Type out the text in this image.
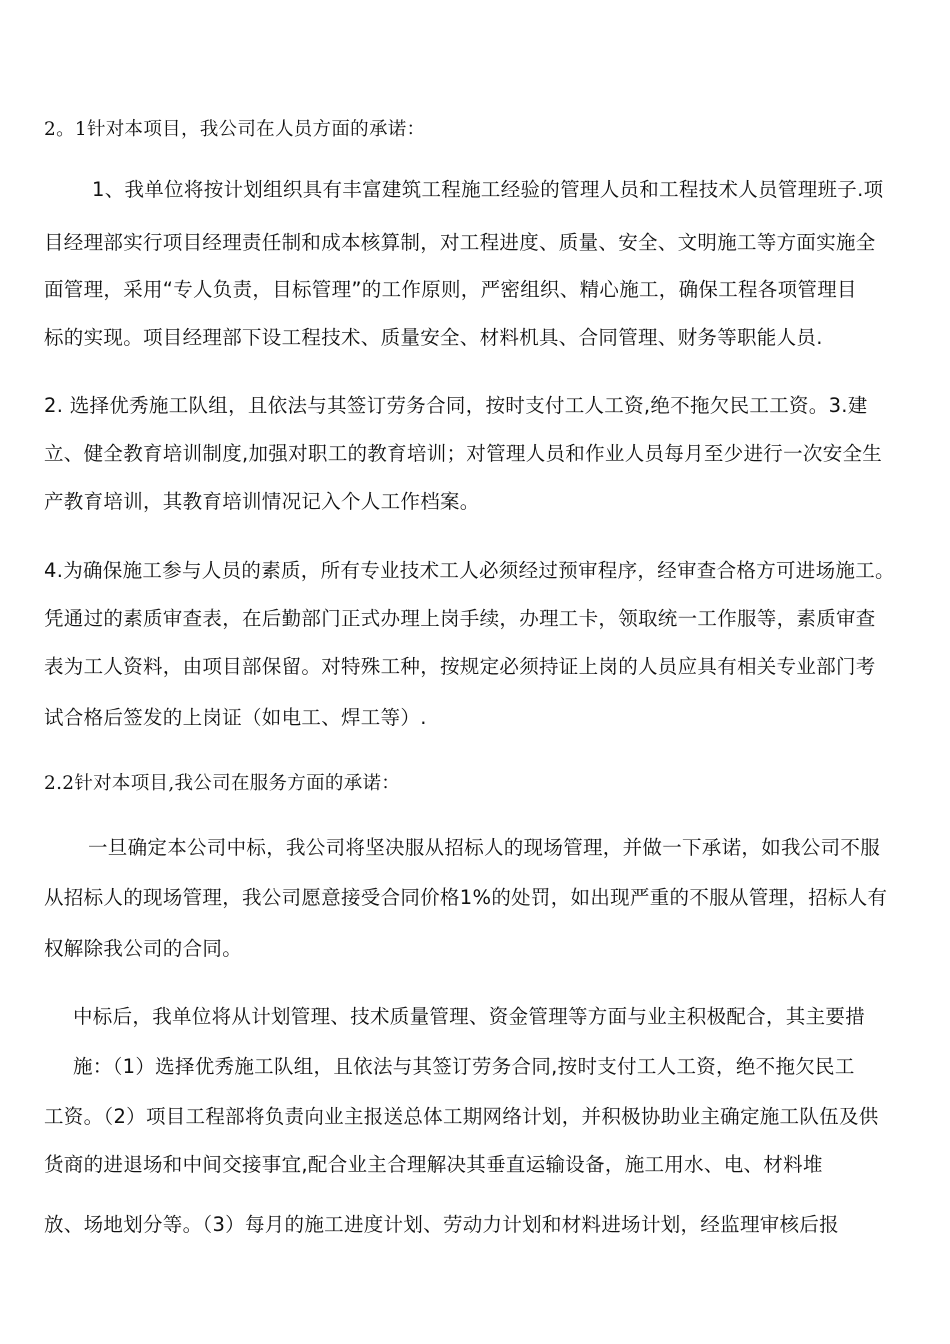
2。1针对本项目，我公司在人员方面的承诺：
1、我单位将按计划组织具有丰富建筑工程施工经验的管理人员和工程技术人员管理班子.项
目经理部实行项目经理责任制和成本核算制，对工程进度、质量、安全、文明施工等方面实施全
面管理，采用“专人负责，目标管理”的工作原则，严密组织、精心施工，确保工程各项管理目
标的实现。项目经理部下设工程技术、质量安全、材料机具、合同管理、财务等职能人员.
2. 选择优秀施工队组，且依法与其签订劳务合同，按时支付工人工资,绝不拖欠民工工资。3.建
立、健全教育培训制度,加强对职工的教育培训；对管理人员和作业人员每月至少进行一次安全生
产教育培训，其教育培训情况记入个人工作档案。
4.为确保施工参与人员的素质，所有专业技术工人必须经过预审程序，经审查合格方可进场施工。
凭通过的素质审查表，在后勤部门正式办理上岗手续，办理工卡，领取统一工作服等，素质审查
表为工人资料，由项目部保留。对特殊工种，按规定必须持证上岗的人员应具有相关专业部门考
试合格后签发的上岗证（如电工、焊工等）.
2.2针对本项目,我公司在服务方面的承诺：
一旦确定本公司中标，我公司将坚决服从招标人的现场管理，并做一下承诺，如我公司不服
从招标人的现场管理，我公司愿意接受合同价格1%的处罚，如出现严重的不服从管理，招标人有
权解除我公司的合同。
中标后，我单位将从计划管理、技术质量管理、资金管理等方面与业主积极配合，其主要措
施：（1）选择优秀施工队组，且依法与其签订劳务合同,按时支付工人工资，绝不拖欠民工
工资。（2）项目工程部将负责向业主报送总体工期网络计划，并积极协助业主确定施工队伍及供
货商的进退场和中间交接事宜,配合业主合理解决其垂直运输设备，施工用水、电、材料堆
放、场地划分等。（3）每月的施工进度计划、劳动力计划和材料进场计划，经监理审核后报
